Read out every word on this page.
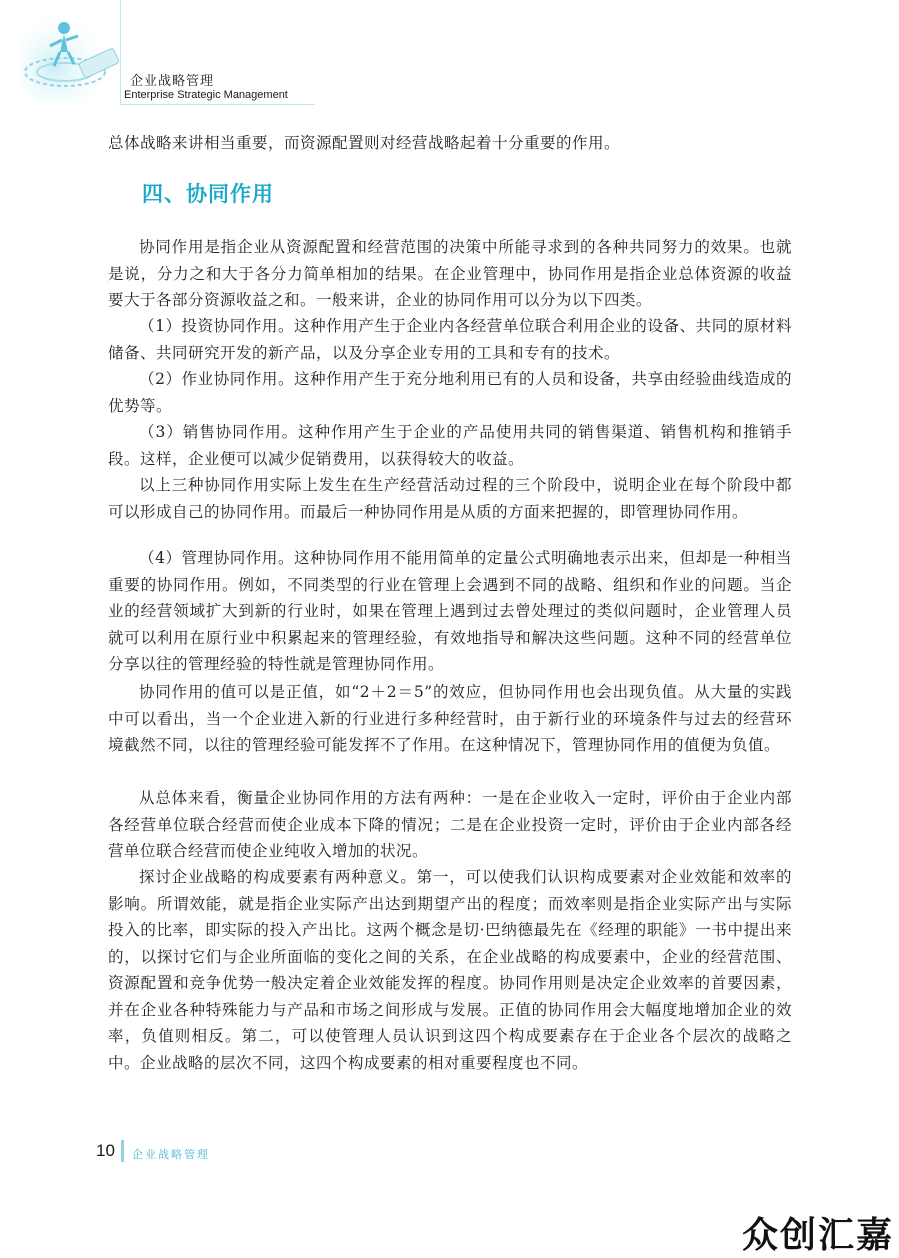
企业战略管理
Enterprise Strategic Management

总体战略来讲相当重要，而资源配置则对经营战略起着十分重要的作用。

四、协同作用

协同作用是指企业从资源配置和经营范围的决策中所能寻求到的各种共同努力的效果。也就是说，分力之和大于各分力简单相加的结果。在企业管理中，协同作用是指企业总体资源的收益要大于各部分资源收益之和。一般来讲，企业的协同作用可以分为以下四类。

（1）投资协同作用。这种作用产生于企业内各经营单位联合利用企业的设备、共同的原材料储备、共同研究开发的新产品，以及分享企业专用的工具和专有的技术。

（2）作业协同作用。这种作用产生于充分地利用已有的人员和设备，共享由经验曲线造成的优势等。

（3）销售协同作用。这种作用产生于企业的产品使用共同的销售渠道、销售机构和推销手段。这样，企业便可以减少促销费用，以获得较大的收益。

以上三种协同作用实际上发生在生产经营活动过程的三个阶段中，说明企业在每个阶段中都可以形成自己的协同作用。而最后一种协同作用是从质的方面来把握的，即管理协同作用。

（4）管理协同作用。这种协同作用不能用简单的定量公式明确地表示出来，但却是一种相当重要的协同作用。例如，不同类型的行业在管理上会遇到不同的战略、组织和作业的问题。当企业的经营领域扩大到新的行业时，如果在管理上遇到过去曾处理过的类似问题时，企业管理人员就可以利用在原行业中积累起来的管理经验，有效地指导和解决这些问题。这种不同的经营单位分享以往的管理经验的特性就是管理协同作用。

协同作用的值可以是正值，如“2＋2＝5”的效应，但协同作用也会出现负值。从大量的实践中可以看出，当一个企业进入新的行业进行多种经营时，由于新行业的环境条件与过去的经营环境截然不同，以往的管理经验可能发挥不了作用。在这种情况下，管理协同作用的值便为负值。

从总体来看，衡量企业协同作用的方法有两种：一是在企业收入一定时，评价由于企业内部各经营单位联合经营而使企业成本下降的情况；二是在企业投资一定时，评价由于企业内部各经营单位联合经营而使企业纯收入增加的状况。

探讨企业战略的构成要素有两种意义。第一，可以使我们认识构成要素对企业效能和效率的影响。所谓效能，就是指企业实际产出达到期望产出的程度；而效率则是指企业实际产出与实际投入的比率，即实际的投入产出比。这两个概念是切·巴纳德最先在《经理的职能》一书中提出来的，以探讨它们与企业所面临的变化之间的关系，在企业战略的构成要素中，企业的经营范围、资源配置和竞争优势一般决定着企业效能发挥的程度。协同作用则是决定企业效率的首要因素，并在企业各种特殊能力与产品和市场之间形成与发展。正值的协同作用会大幅度地增加企业的效率，负值则相反。第二，可以使管理人员认识到这四个构成要素存在于企业各个层次的战略之中。企业战略的层次不同，这四个构成要素的相对重要程度也不同。

10 企业战略管理
众创汇嘉
